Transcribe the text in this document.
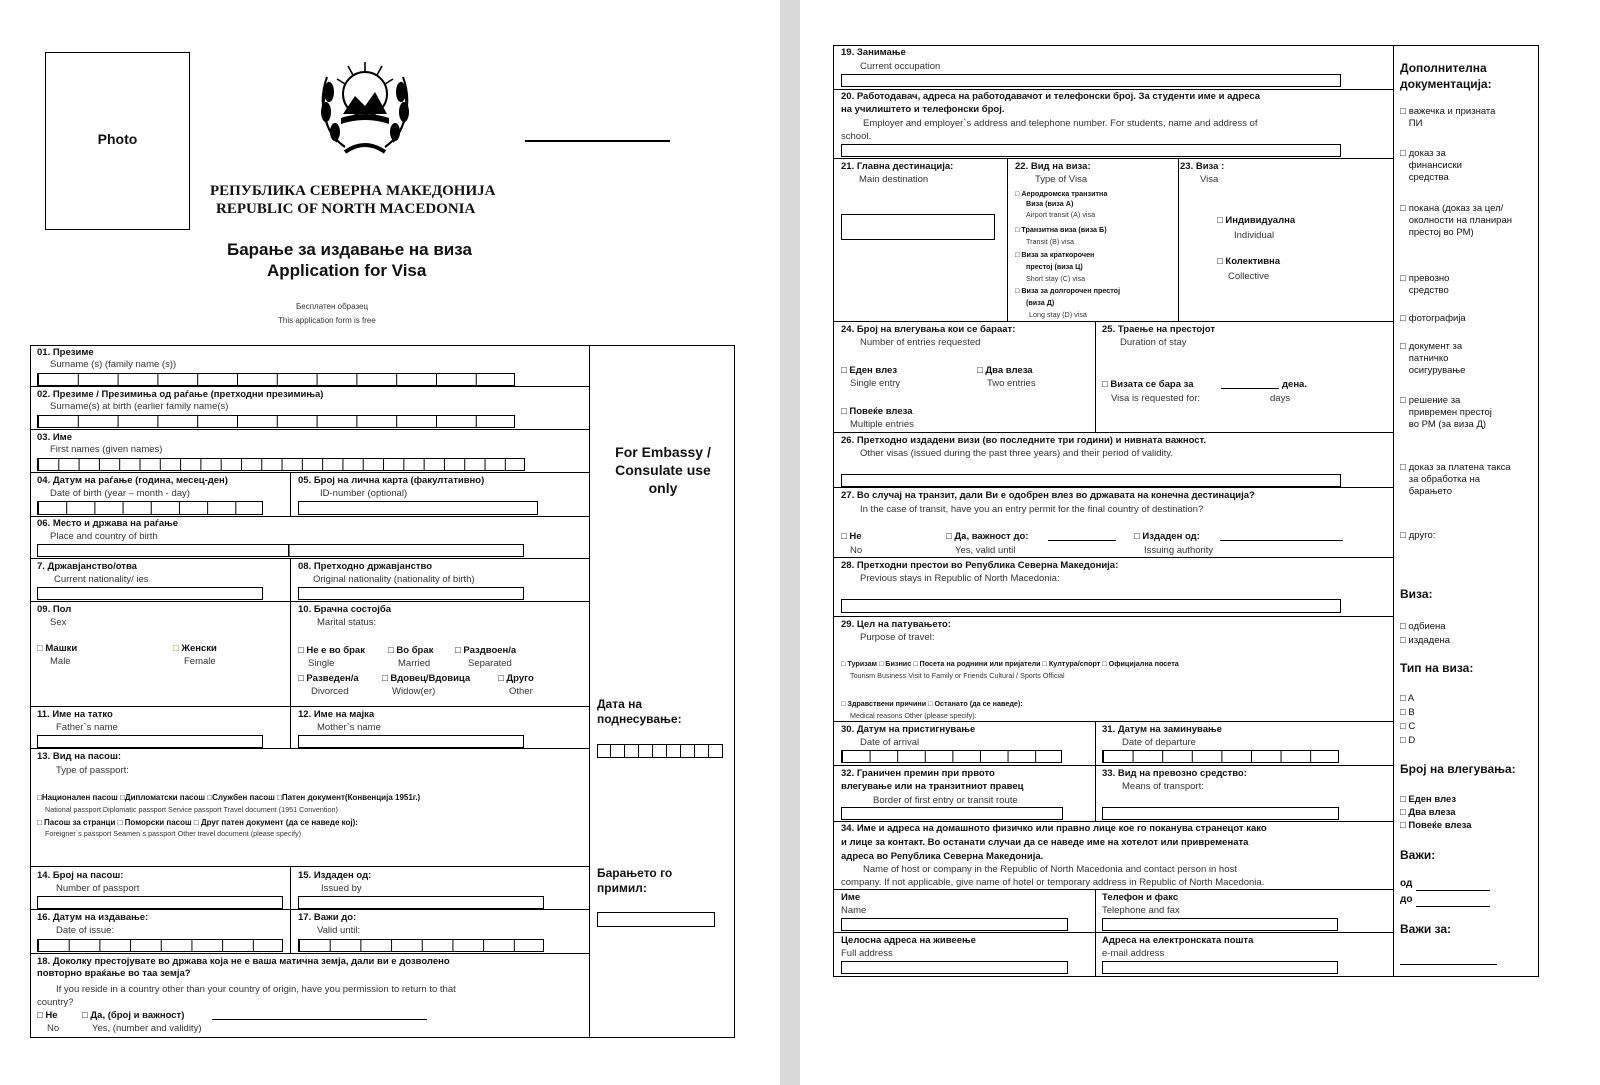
Photo
РЕПУБЛИКА СЕВЕРНА МАКЕДОНИЈА
REPUBLIC OF NORTH MACEDONIA
Барање за издавање на виза
Application for Visa
Бесплатен образец
This application form is free
01. Презиме
Surname (s) (family name (s))
02. Презиме / Презимиња од раѓање (претходни презимиња)
Surname(s) at birth (earlier family name(s)
03. Име
First names (given names)
04. Датум на раѓање (година, месец-ден)
Date of birth (year – month - day)
05. Број на лична карта (факултативно)
ID-number (optional)
06. Место и држава на раѓање
Place and country of birth
7. Државјанство/отва
Current nationality/ ies
08. Претходно државјанство
Original nationality (nationality of birth)
09. Пол
Sex
□ Машки
Male
□ Женски
Female
10. Брачна состојба
Marital status:
□ Не е во брак
Single
□ Во брак
Married
□ Раздвоен/а
Separated
□ Разведен/а
Divorced
□ Вдовец/Вдовица
Widow(er)
□ Друго
Other
11. Име на татко
Father`s name
12. Име на мајка
Mother`s name
13. Вид на пасош:
Type of passport:
□Национален пасош □Дипломатски пасош □Службен пасош □Патен документ(Конвенција 1951г.)
National passport Diplomatic passport Service passport Travel document (1951 Convention)
□ Пасош за странци □ Поморски пасош □ Друг патен документ (да се наведе кој):
Foreigner`s passport Seamen`s passport Other travel document (please specify)
14. Број на пасош:
Number of passport
15. Издаден од:
Issued by
16. Датум на издавање:
Date of issue:
17. Важи до:
Valid until:
18. Доколку престојувате во држава која не е ваша матична земја, дали ви е дозволено
повторно враќање во таа земја?
If you reside in a country other than your country of origin, have you permission to return to that
country?
□ Не
No
□ Да, (број и важност)
Yes, (number and validity)
For Embassy / Consulate use only
Дата на поднесување:
Барањето го примил:
19. Занимање
Current occupation
20. Работодавач, адреса на работодавачот и телефонски број. За студенти име и адреса
на училиштето и телефонски број.
Employer and employer`s address and telephone number. For students, name and address of
school.
21. Главна дестинација:
Main destination
22. Вид на виза:
Type of Visa
□ Аеродромска транзитна
Виза (виза А)
Airport transit (A) visa
□ Транзитна виза (виза Б)
Transit (B) visa
□ Виза за краткорочен
престој (виза Ц)
Short stay (C) visa
□ Виза за долгорочен престој
(виза Д)
Long stay (D) visa
23. Виза :
Visa
□ Индивидуална
Individual
□ Колективна
Collective
24. Број на влегувања кои се бараат:
Number of entries requested
□ Еден влез
Single entry
□ Два влеза
Two entries
□ Повеќе влеза
Multiple entries
25. Траење на престојот
Duration of stay
□ Визата се бара за	дена.
Visa is requested for:	days
26. Претходно издадени визи (во последните три години) и нивната важност.
Other visas (issued during the past three years) and their period of validity.
27. Во случај на транзит, дали Ви е одобрен влез во државата на конечна дестинација?
In the case of transit, have you an entry permit for the final country of destination?
□ Не
No
□ Да, важност до:
Yes, valid until
□ Издаден од:
Issuing authority
28. Претходни престои во Република Северна Македонија:
Previous stays in Republic of North Macedonia:
29. Цел на патувањето:
Purpose of travel:
□ Туризам □ Бизнис □ Посета на роднини или пријатели □ Култура/спорт □ Официјална посета
Tourism Business Visit to Family or Friends Cultural / Sports Official
□ Здравствени причини □ Останато (да се наведе):
Medical reasons Other (please specify):
30. Датум на пристигнување
Date of arrival
31. Датум на заминување
Date of departure
32. Граничен премин при првото
влегување или на транзитниот правец
Border of first entry or transit route
33. Вид на превозно средство:
Means of transport:
34. Име и адреса на домашното физичко или правно лице кое го поканува странецот како
и лице за контакт. Во останати случаи да се наведе име на хотелот или привремената
адреса во Република Северна Македонија.
Name of host or company in the Republic of North Macedonia and contact person in host
company. If not applicable, give name of hotel or temporary address in Republic of North Macedonia.
Име
Name
Телефон и факс
Telephone and fax
Целосна адреса на живеење
Full address
Адреса на електронската пошта
e-mail address
Дополнителна документација:
□ важечка и призната ПИ
□ доказ за финансиски средства
□ покана (доказ за цел/ околности на планиран престој во РМ)
□ превозно средство
□ фотографија
□ документ за патничко осигурување
□ решение за привремен престој во РМ (за виза Д)
□ доказ за платена такса за обработка на барањето
□ друго:
Виза:
□ одбиена
□ издадена
Тип на виза:
□ A
□ B
□ C
□ D
Број на влегувања:
□ Еден влез
□ Два влеза
□ Повеќе влеза
Важи:
од
до
Важи за:
